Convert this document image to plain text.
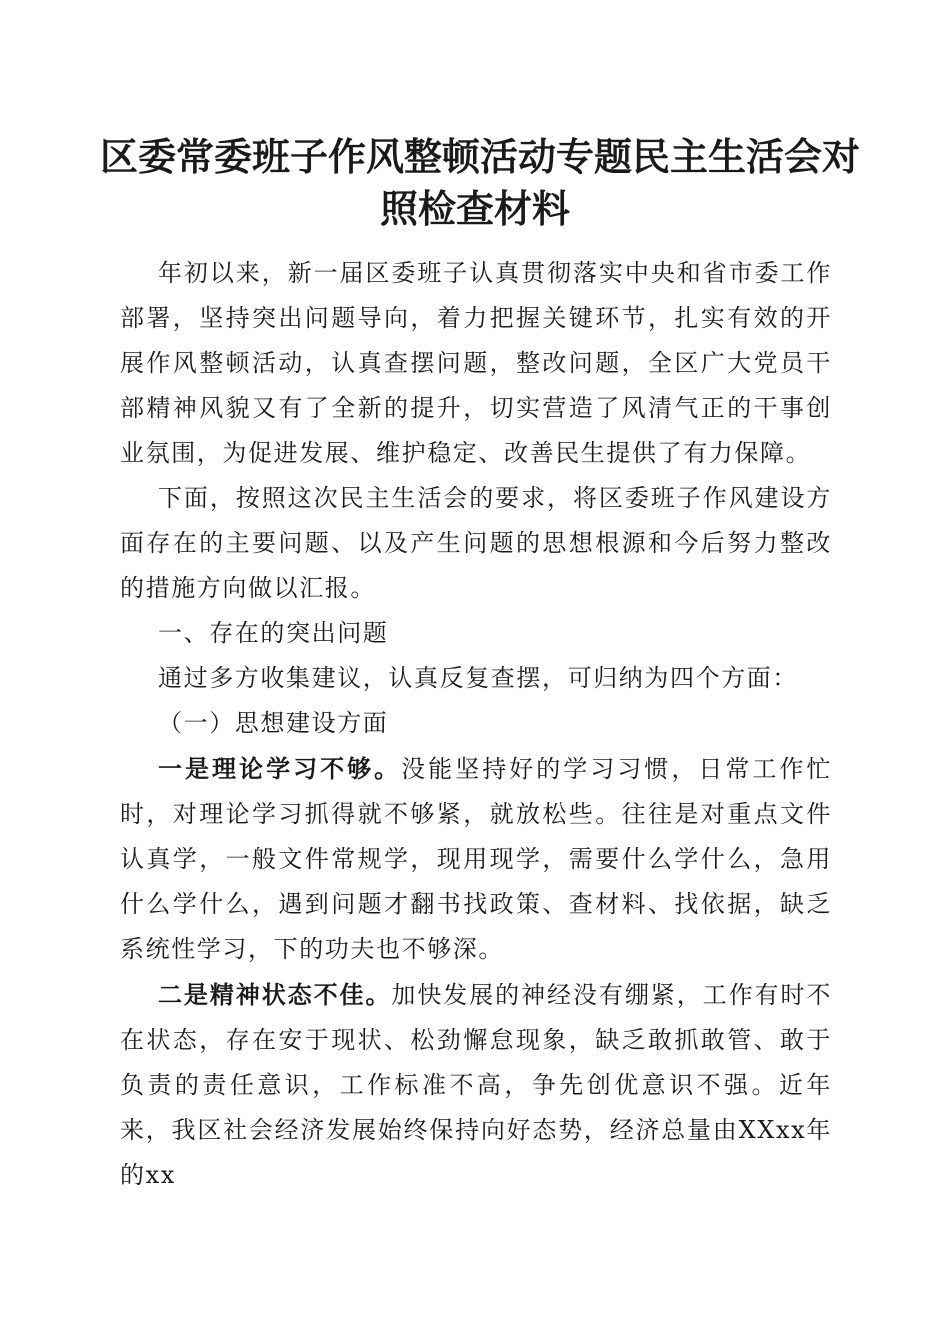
区委常委班子作风整顿活动专题民主生活会对
照检查材料

年初以来，新一届区委班子认真贯彻落实中央和省市委工作部署，坚持突出问题导向，着力把握关键环节，扎实有效的开展作风整顿活动，认真查摆问题，整改问题，全区广大党员干部精神风貌又有了全新的提升，切实营造了风清气正的干事创业氛围，为促进发展、维护稳定、改善民生提供了有力保障。

下面，按照这次民主生活会的要求，将区委班子作风建设方面存在的主要问题、以及产生问题的思想根源和今后努力整改的措施方向做以汇报。

一、存在的突出问题

通过多方收集建议，认真反复查摆，可归纳为四个方面：

（一）思想建设方面

一是理论学习不够。没能坚持好的学习习惯，日常工作忙时，对理论学习抓得就不够紧，就放松些。往往是对重点文件认真学，一般文件常规学，现用现学，需要什么学什么，急用什么学什么，遇到问题才翻书找政策、查材料、找依据，缺乏系统性学习，下的功夫也不够深。

二是精神状态不佳。加快发展的神经没有绷紧，工作有时不在状态，存在安于现状、松劲懈怠现象，缺乏敢抓敢管、敢于负责的责任意识，工作标准不高，争先创优意识不强。近年来，我区社会经济发展始终保持向好态势，经济总量由XXxx年的xx
